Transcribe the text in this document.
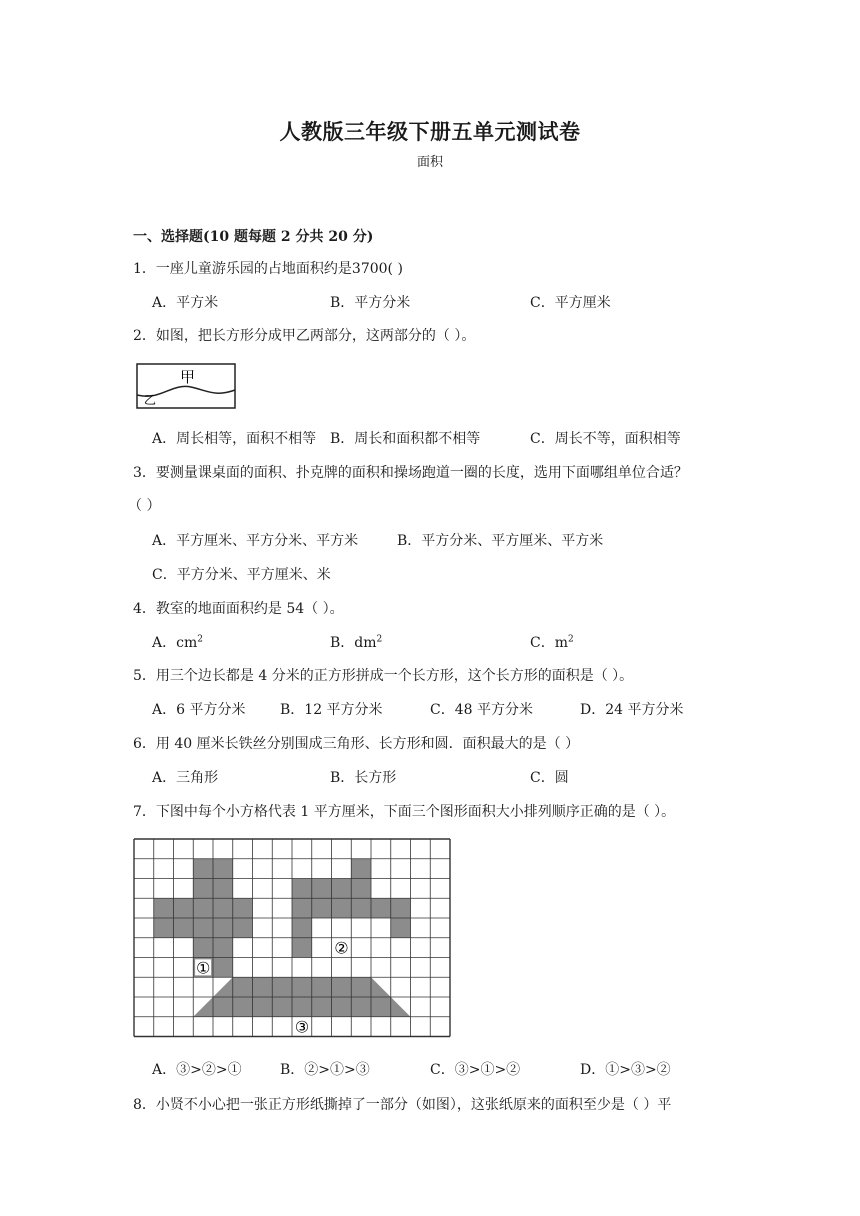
人教版三年级下册五单元测试卷
面积
一、选择题(10 题每题 2 分共 20 分)
1．一座儿童游乐园的占地面积约是3700( )
A．平方米	B．平方分米	C．平方厘米
2．如图，把长方形分成甲乙两部分，这两部分的（ ）。
甲
乙
A．周长相等，面积不相等 B．周长和面积都不相等	C．周长不等，面积相等
3．要测量课桌面的面积、扑克牌的面积和操场跑道一圈的长度，选用下面哪组单位合适？
（ ）
A．平方厘米、平方分米、平方米	B．平方分米、平方厘米、平方米
C．平方分米、平方厘米、米
4．教室的地面面积约是 54（ ）。
A．$cm^2$	B．$dm^2$	C．$m^2$
5．用三个边长都是 4 分米的正方形拼成一个长方形，这个长方形的面积是（ ）。
A．6 平方分米 B．12 平方分米	C．48 平方分米	D．24 平方分米
6．用 40 厘米长铁丝分别围成三角形、长方形和圆．面积最大的是（ ）
A．三角形	B．长方形	C．圆
7．下图中每个小方格代表 1 平方厘米，下面三个图形面积大小排列顺序正确的是（ ）。
①
②
③
A．③>②>①	B．②>①>③	C．③>①>②	D．①>③>②
8．小贤不小心把一张正方形纸撕掉了一部分（如图），这张纸原来的面积至少是（ ）平
